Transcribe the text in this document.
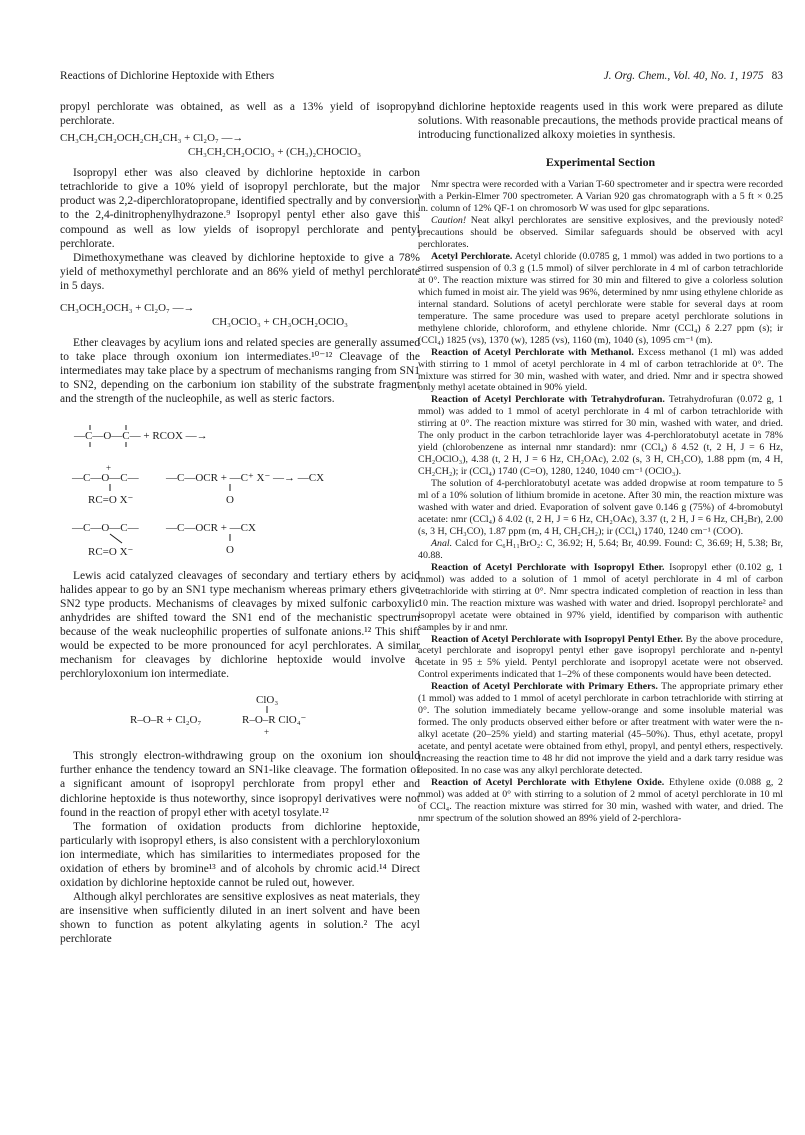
Reactions of Dichlorine Heptoxide with Ethers	J. Org. Chem., Vol. 40, No. 1, 1975 83

propyl perchlorate was obtained, as well as a 13% yield of isopropyl perchlorate.

CH₃CH₂CH₂OCH₂CH₂CH₃ + Cl₂O₇ —→
CH₃CH₂CH₂OClO₃ + (CH₃)₂CHOClO₃

Isopropyl ether was also cleaved by dichlorine heptoxide in carbon tetrachloride to give a 10% yield of isopropyl perchlorate, but the major product was 2,2-diperchloratopropane, identified spectrally and by conversion to the 2,4-dinitrophenylhydrazone.⁹ Isopropyl pentyl ether also gave this compound as well as low yields of isopropyl perchlorate and pentyl perchlorate.

Dimethoxymethane was cleaved by dichlorine heptoxide to give a 78% yield of methoxymethyl perchlorate and an 86% yield of methyl perchlorate in 5 days.

CH₃OCH₂OCH₃ + Cl₂O₇ —→
CH₃OClO₃ + CH₃OCH₂OClO₃

Ether cleavages by acylium ions and related species are generally assumed to take place through oxonium ion intermediates.¹⁰⁻¹² Cleavage of the intermediates may take place by a spectrum of mechanisms ranging from SN1 to SN2, depending on the carbonium ion stability of the substrate fragment and the strength of the nucleophile, as well as steric factors.

—C—O—C— + RCOX —→
—C—O—C—
+
RC=O X⁻
—C—OCR + —C⁺ X⁻ —→ —CX
O
—C—O—C—
RC=O X⁻
—C—OCR + —CX
O

Lewis acid catalyzed cleavages of secondary and tertiary ethers by acid halides appear to go by an SN1 type mechanism whereas primary ethers give SN2 type products. Mechanisms of cleavages by mixed sulfonic carboxylic anhydrides are shifted toward the SN1 end of the mechanistic spectrum because of the weak nucleophilic properties of sulfonate anions.¹² This shift would be expected to be more pronounced for acyl perchlorates. A similar mechanism for cleavages by dichlorine heptoxide would involve a perchloryloxonium ion intermediate.

R–O–R + Cl₂O₇
ClO₃
R–O–R ClO₄⁻
+

This strongly electron-withdrawing group on the oxonium ion should further enhance the tendency toward an SN1-like cleavage. The formation of a significant amount of isopropyl perchlorate from propyl ether and dichlorine heptoxide is thus noteworthy, since isopropyl derivatives were not found in the reaction of propyl ether with acetyl tosylate.¹²

The formation of oxidation products from dichlorine heptoxide, particularly with isopropyl ethers, is also consistent with a perchloryloxonium ion intermediate, which has similarities to intermediates proposed for the oxidation of ethers by bromine¹³ and of alcohols by chromic acid.¹⁴ Direct oxidation by dichlorine heptoxide cannot be ruled out, however.

Although alkyl perchlorates are sensitive explosives as neat materials, they are insensitive when sufficiently diluted in an inert solvent and have been shown to function as potent alkylating agents in solution.² The acyl perchlorate

and dichlorine heptoxide reagents used in this work were prepared as dilute solutions. With reasonable precautions, the methods provide practical means of introducing functionalized alkoxy moieties in synthesis.

Experimental Section

Nmr spectra were recorded with a Varian T-60 spectrometer and ir spectra were recorded with a Perkin-Elmer 700 spectrometer. A Varian 920 gas chromatograph with a 5 ft × 0.25 in. column of 12% QF-1 on chromosorb W was used for glpc separations.

Caution! Neat alkyl perchlorates are sensitive explosives, and the previously noted² precautions should be observed. Similar safeguards should be observed with acyl perchlorates.

Acetyl Perchlorate. Acetyl chloride (0.0785 g, 1 mmol) was added in two portions to a stirred suspension of 0.3 g (1.5 mmol) of silver perchlorate in 4 ml of carbon tetrachloride at 0°. The reaction mixture was stirred for 30 min and filtered to give a colorless solution which fumed in moist air. The yield was 96%, determined by nmr using ethylene chloride as internal standard. Solutions of acetyl perchlorate were stable for several days at room temperature. The same procedure was used to prepare acetyl perchlorate solutions in methylene chloride, chloroform, and ethylene chloride. Nmr (CCl₄) δ 2.27 ppm (s); ir (CCl₄) 1825 (vs), 1370 (w), 1285 (vs), 1160 (m), 1040 (s), 1095 cm⁻¹ (m).

Reaction of Acetyl Perchlorate with Methanol. Excess methanol (1 ml) was added with stirring to 1 mmol of acetyl perchlorate in 4 ml of carbon tetrachloride at 0°. The mixture was stirred for 30 min, washed with water, and dried. Nmr and ir spectra showed only methyl acetate obtained in 90% yield.

Reaction of Acetyl Perchlorate with Tetrahydrofuran. Tetrahydrofuran (0.072 g, 1 mmol) was added to 1 mmol of acetyl perchlorate in 4 ml of carbon tetrachloride with stirring at 0°. The reaction mixture was stirred for 30 min, washed with water, and dried. The only product in the carbon tetrachloride layer was 4-perchloratobutyl acetate in 78% yield (chlorobenzene as internal nmr standard): nmr (CCl₄) δ 4.52 (t, 2 H, J = 6 Hz, CH₂OClO₃), 4.38 (t, 2 H, J = 6 Hz, CH₂OAc), 2.02 (s, 3 H, CH₃CO), 1.88 ppm (m, 4 H, CH₂CH₂); ir (CCl₄) 1740 (C=O), 1280, 1240, 1040 cm⁻¹ (OClO₃).

The solution of 4-perchloratobutyl acetate was added dropwise at room tempature to 5 ml of a 10% solution of lithium bromide in acetone. After 30 min, the reaction mixture was washed with water and dried. Evaporation of solvent gave 0.146 g (75%) of 4-bromobutyl acetate: nmr (CCl₄) δ 4.02 (t, 2 H, J = 6 Hz, CH₂OAc), 3.37 (t, 2 H, J = 6 Hz, CH₂Br), 2.00 (s, 3 H, CH₃CO), 1.87 ppm (m, 4 H, CH₂CH₂); ir (CCl₄) 1740, 1240 cm⁻¹ (COO).

Anal. Calcd for C₆H₁₁BrO₂: C, 36.92; H, 5.64; Br, 40.99. Found: C, 36.69; H, 5.38; Br, 40.88.

Reaction of Acetyl Perchlorate with Isopropyl Ether. Isopropyl ether (0.102 g, 1 mmol) was added to a solution of 1 mmol of acetyl perchlorate in 4 ml of carbon tetrachloride with stirring at 0°. Nmr spectra indicated completion of reaction in less than 10 min. The reaction mixture was washed with water and dried. Isopropyl perchlorate² and isopropyl acetate were obtained in 97% yield, identified by comparison with authentic samples by ir and nmr.

Reaction of Acetyl Perchlorate with Isopropyl Pentyl Ether. By the above procedure, acetyl perchlorate and isopropyl pentyl ether gave isopropyl perchlorate and n-pentyl acetate in 95 ± 5% yield. Pentyl perchlorate and isopropyl acetate were not observed. Control experiments indicated that 1–2% of these components would have been detected.

Reaction of Acetyl Perchlorate with Primary Ethers. The appropriate primary ether (1 mmol) was added to 1 mmol of acetyl perchlorate in carbon tetrachloride with stirring at 0°. The solution immediately became yellow-orange and some insoluble material was formed. The only products observed either before or after treatment with water were the n-alkyl acetate (20–25% yield) and starting material (45–50%). Thus, ethyl acetate, propyl acetate, and pentyl acetate were obtained from ethyl, propyl, and pentyl ethers, respectively. Increasing the reaction time to 48 hr did not improve the yield and a dark tarry residue was deposited. In no case was any alkyl perchlorate detected.

Reaction of Acetyl Perchlorate with Ethylene Oxide. Ethylene oxide (0.088 g, 2 mmol) was added at 0° with stirring to a solution of 2 mmol of acetyl perchlorate in 10 ml of CCl₄. The reaction mixture was stirred for 30 min, washed with water, and dried. The nmr spectrum of the solution showed an 89% yield of 2-perchlora-
